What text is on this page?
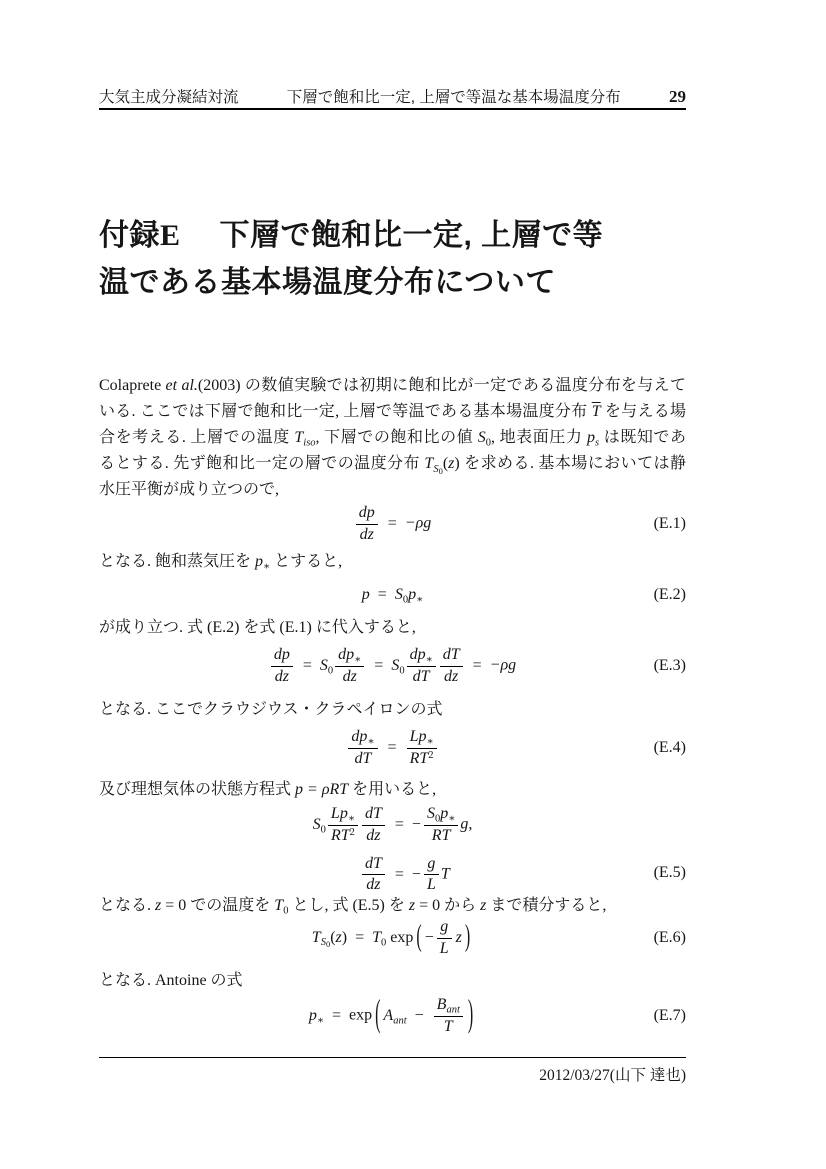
大気主成分凝結対流	下層で飽和比一定, 上層で等温な基本場温度分布	29
付録E 下層で飽和比一定, 上層で等
温である基本場温度分布について
Colaprete et al.(2003) の数値実験では初期に飽和比が一定である温度分布を与えて
いる. ここでは下層で飽和比一定, 上層で等温である基本場温度分布 $\overline{T}$ を与える場
合を考える. 上層での温度 $T_{iso}$, 下層での飽和比の値 $S_0$, 地表面圧力 $p_s$ は既知であ
るとする. 先ず飽和比一定の層での温度分布 $T_{S_0}(z)$ を求める. 基本場においては静
水圧平衡が成り立つので,
$\frac{dp}{dz} = -\rho g$	(E.1)
となる. 飽和蒸気圧を $p_∗$ とすると,
$p = S_0p_∗$	(E.2)
が成り立つ. 式 (E.2) を式 (E.1) に代入すると,
$\frac{dp}{dz} = S_0 \frac{dp_∗}{dz} = S_0 \frac{dp_∗}{dT} \frac{dT}{dz} = -\rho g$	(E.3)
となる. ここでクラウジウス・クラペイロンの式
$\frac{dp_∗}{dT} = \frac{Lp_∗}{RT^2}$	(E.4)
及び理想気体の状態方程式 p = ρRT を用いると,
$S_0 \frac{Lp_∗}{RT^2} \frac{dT}{dz}$ = − $\frac{S_0p_∗}{RT} g$,
$\frac{dT}{dz}$ = − $\frac{g}{L}$ T	(E.5)
となる. z = 0 での温度を $T_0$ とし, 式 (E.5) を z = 0 から z まで積分すると,
$T_{S_0}(z) = T_0$ exp ( − $\frac{g}{L}$ z )	(E.6)
となる. Antoine の式
$p_∗ = \exp$ ( $A_{ant} - \frac{B_{ant}}{T}$ )	(E.7)
2012/03/27(山下 達也)
